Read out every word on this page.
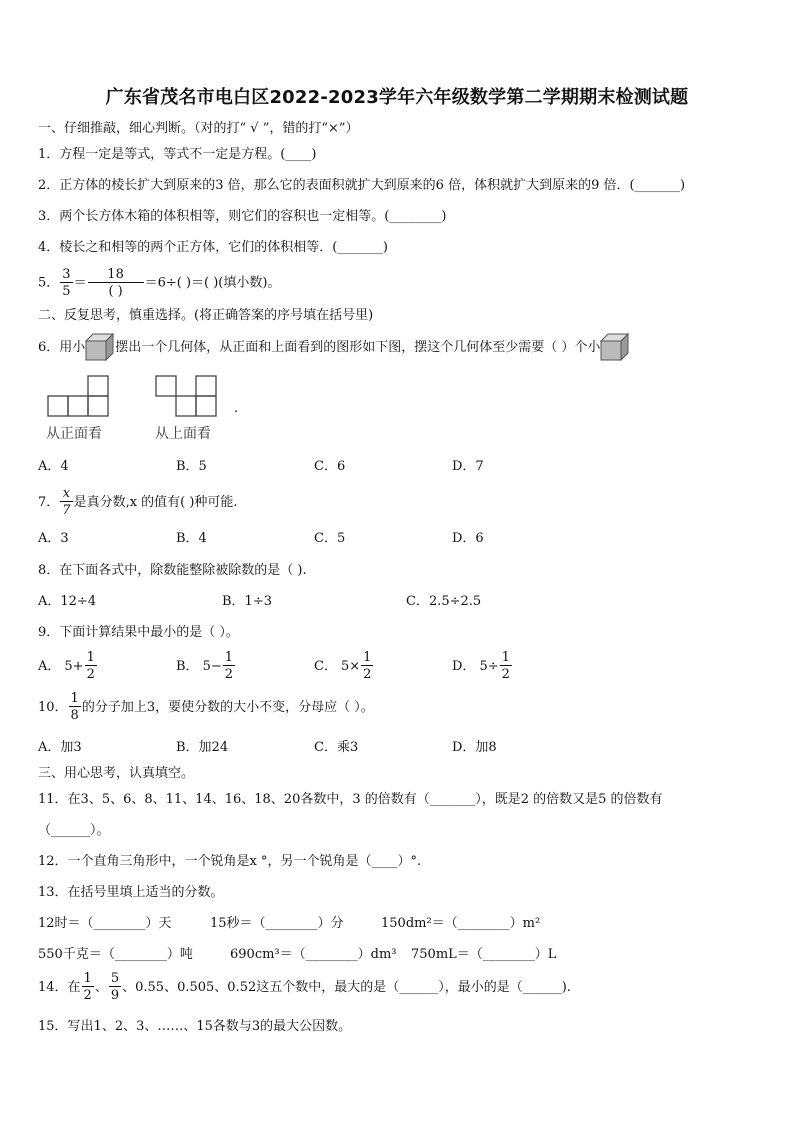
广东省茂名市电白区2022-2023学年六年级数学第二学期期末检测试题
一、仔细推敲，细心判断。（对的打“ √ ”，错的打“×”）
1．方程一定是等式，等式不一定是方程。(____)
2．正方体的棱长扩大到原来的3 倍，那么它的表面积就扩大到原来的6 倍，体积就扩大到原来的9 倍．(_______)
3．两个长方体木箱的体积相等，则它们的容积也一定相等。(________)
4．棱长之和相等的两个正方体，它们的体积相等．(_______)
5． $\frac{3}{5} = \frac{18}{( )} =6\div$( )＝( )(填小数)。
二、反复思考，慎重选择。(将正确答案的序号填在括号里)
6．用小 摆出一个几何体，从正面和上面看到的图形如下图，摆这个几何体至少需要（ ）个小
.
从正面看	从上面看
A．4	B．5	C．6	D．7
7． $\frac{x}{7}$ 是真分数,x 的值有( )种可能.
A．3	B．4	C．5	D．6
8．在下面各式中，除数能整除被除数的是（ ).
A．12÷4	B．1÷3	C．2.5÷2.5
9．下面计算结果中最小的是（ ）。
A． $5+ \frac{1}{2}$	B． $5- \frac{1}{2}$	C． $5\times \frac{1}{2}$	D． $5\div \frac{1}{2}$
10． $\frac{1}{8}$ 的分子加上3，要使分数的大小不变，分母应（ ）。
A．加3	B．加24	C．乘3	D．加8
三、用心思考，认真填空。
11．在3、5、6、8、11、14、16、18、20各数中，3 的倍数有（_______），既是2 的倍数又是5 的倍数有
（______）。
12．一个直角三角形中，一个锐角是x °，另一个锐角是（____）°.
13．在括号里填上适当的分数。
12时＝（________）天	15秒＝（________）分	150dm²＝（________）m²
550千克＝（________）吨	690cm³＝（________）dm³ 750mL＝（________）L
14．在 $\frac{1}{2}$ 、 $\frac{5}{9}$ 、0.55、0.505、0.52这五个数中，最大的是（______），最小的是（______).
15．写出1、2、3、……、15各数与3的最大公因数。
